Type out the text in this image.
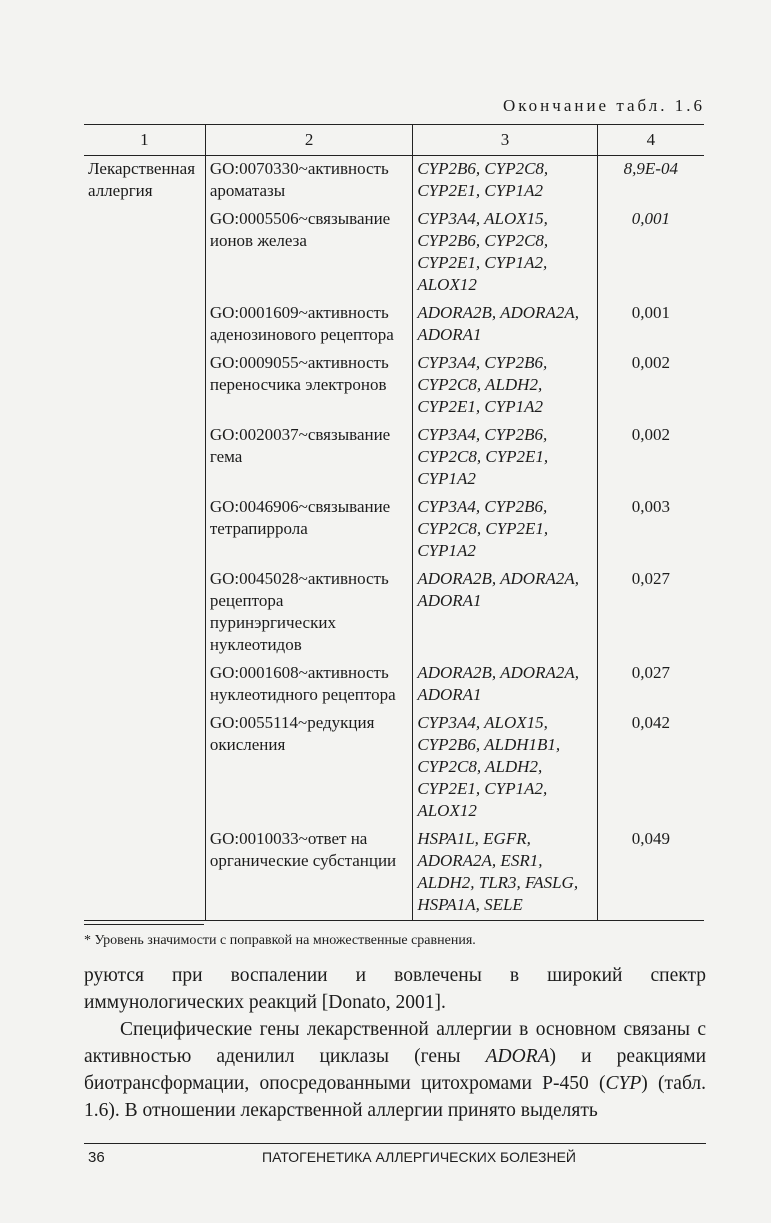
Окончание табл. 1.6
1	2	3	4
Лекарственная аллергия	GO:0070330~активность ароматазы	CYP2B6, CYP2C8, CYP2E1, CYP1A2	8,9E-04
	GO:0005506~связывание ионов железа	CYP3A4, ALOX15, CYP2B6, CYP2C8, CYP2E1, CYP1A2, ALOX12	0,001
	GO:0001609~активность аденозинового рецептора	ADORA2B, ADORA2A, ADORA1	0,001
	GO:0009055~активность переносчика электронов	CYP3A4, CYP2B6, CYP2C8, ALDH2, CYP2E1, CYP1A2	0,002
	GO:0020037~связывание гема	CYP3A4, CYP2B6, CYP2C8, CYP2E1, CYP1A2	0,002
	GO:0046906~связывание тетрапиррола	CYP3A4, CYP2B6, CYP2C8, CYP2E1, CYP1A2	0,003
	GO:0045028~активность рецептора пуринэргических нуклеотидов	ADORA2B, ADORA2A, ADORA1	0,027
	GO:0001608~активность нуклеотидного рецептора	ADORA2B, ADORA2A, ADORA1	0,027
	GO:0055114~редукция окисления	CYP3A4, ALOX15, CYP2B6, ALDH1B1, CYP2C8, ALDH2, CYP2E1, CYP1A2, ALOX12	0,042
	GO:0010033~ответ на органические субстанции	HSPA1L, EGFR, ADORA2A, ESR1, ALDH2, TLR3, FASLG, HSPA1A, SELE	0,049
* Уровень значимости с поправкой на множественные сравнения.
руются при воспалении и вовлечены в широкий спектр иммунологических реакций [Donato, 2001].
Специфические гены лекарственной аллергии в основном связаны с активностью аденилил циклазы (гены ADORA) и реакциями биотрансформации, опосредованными цитохромами Р-450 (CYP) (табл. 1.6). В отношении лекарственной аллергии принято выделять
36	ПАТОГЕНЕТИКА АЛЛЕРГИЧЕСКИХ БОЛЕЗНЕЙ
